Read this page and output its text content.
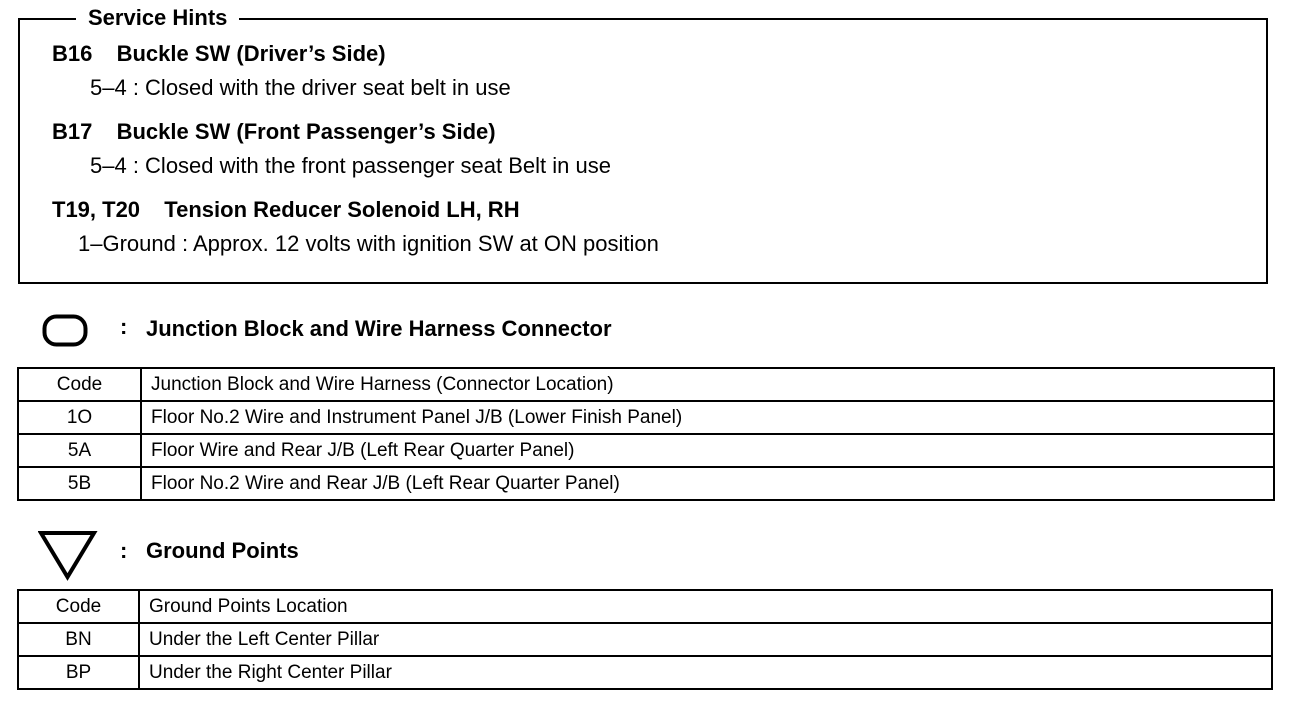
Service Hints
B16 Buckle SW (Driver’s Side)
5–4 : Closed with the driver seat belt in use
B17 Buckle SW (Front Passenger’s Side)
5–4 : Closed with the front passenger seat Belt in use
T19, T20 Tension Reducer Solenoid LH, RH
1–Ground : Approx. 12 volts with ignition SW at ON position
: Junction Block and Wire Harness Connector
Code	Junction Block and Wire Harness (Connector Location)
1O	Floor No.2 Wire and Instrument Panel J/B (Lower Finish Panel)
5A	Floor Wire and Rear J/B (Left Rear Quarter Panel)
5B	Floor No.2 Wire and Rear J/B (Left Rear Quarter Panel)
: Ground Points
Code	Ground Points Location
BN	Under the Left Center Pillar
BP	Under the Right Center Pillar
